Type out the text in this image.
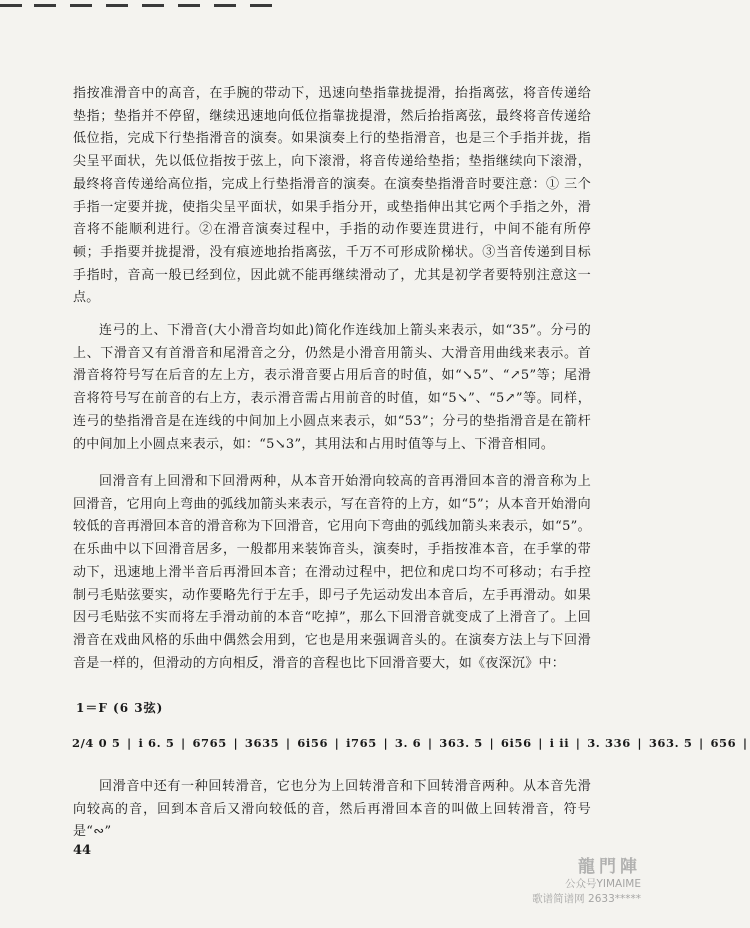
指按准滑音中的高音，在手腕的带动下，迅速向垫指靠拢提滑，抬指离弦，将音传递给垫指；垫指并不停留，继续迅速地向低位指靠拢提滑，然后抬指离弦，最终将音传递给低位指，完成下行垫指滑音的演奏。如果演奏上行的垫指滑音，也是三个手指并拢，指尖呈平面状，先以低位指按于弦上，向下滚滑，将音传递给垫指；垫指继续向下滚滑，最终将音传递给高位指，完成上行垫指滑音的演奏。在演奏垫指滑音时要注意：① 三个手指一定要并拢，使指尖呈平面状，如果手指分开，或垫指伸出其它两个手指之外，滑音将不能顺利进行。②在滑音演奏过程中，手指的动作要连贯进行，中间不能有所停顿；手指要并拢提滑，没有痕迹地抬指离弦，千万不可形成阶梯状。③当音传递到目标手指时，音高一般已经到位，因此就不能再继续滑动了，尤其是初学者要特别注意这一点。

连弓的上、下滑音(大小滑音均如此)简化作连线加上箭头来表示，如“35”。分弓的上、下滑音又有首滑音和尾滑音之分，仍然是小滑音用箭头、大滑音用曲线来表示。首滑音将符号写在后音的左上方，表示滑音要占用后音的时值，如“↘5”、“↗5”等；尾滑音将符号写在前音的右上方，表示滑音需占用前音的时值，如“5↘”、“5↗”等。同样，连弓的垫指滑音是在连线的中间加上小圆点来表示，如“53”；分弓的垫指滑音是在箭杆的中间加上小圆点来表示，如：“5↘3”，其用法和占用时值等与上、下滑音相同。

回滑音有上回滑和下回滑两种，从本音开始滑向较高的音再滑回本音的滑音称为上回滑音，它用向上弯曲的弧线加箭头来表示，写在音符的上方，如“5”；从本音开始滑向较低的音再滑回本音的滑音称为下回滑音，它用向下弯曲的弧线加箭头来表示，如“5”。在乐曲中以下回滑音居多，一般都用来装饰音头，演奏时，手指按准本音，在手掌的带动下，迅速地上滑半音后再滑回本音；在滑动过程中，把位和虎口均不可移动；右手控制弓毛贴弦要实，动作要略先行于左手，即弓子先运动发出本音后，左手再滑动。如果因弓毛贴弦不实而将左手滑动前的本音“吃掉”，那么下回滑音就变成了上滑音了。上回滑音在戏曲风格的乐曲中偶然会用到，它也是用来强调音头的。在演奏方法上与下回滑音是一样的，但滑动的方向相反，滑音的音程也比下回滑音要大，如《夜深沉》中：

1＝F (6 3弦)
2/4 0 5 | i 6. 5 | 6765 | 3635 | 6i56 | i765 | 3. 6 | 363. 5 | 6i56 | i ii | 3. 336 | 363. 5 | 656 |

回滑音中还有一种回转滑音，它也分为上回转滑音和下回转滑音两种。从本音先滑向较高的音，回到本音后又滑向较低的音，然后再滑回本音的叫做上回转滑音，符号是“∾”

44
龍門陣
公众号YIMAIME
歌谱简谱网 2633*****
